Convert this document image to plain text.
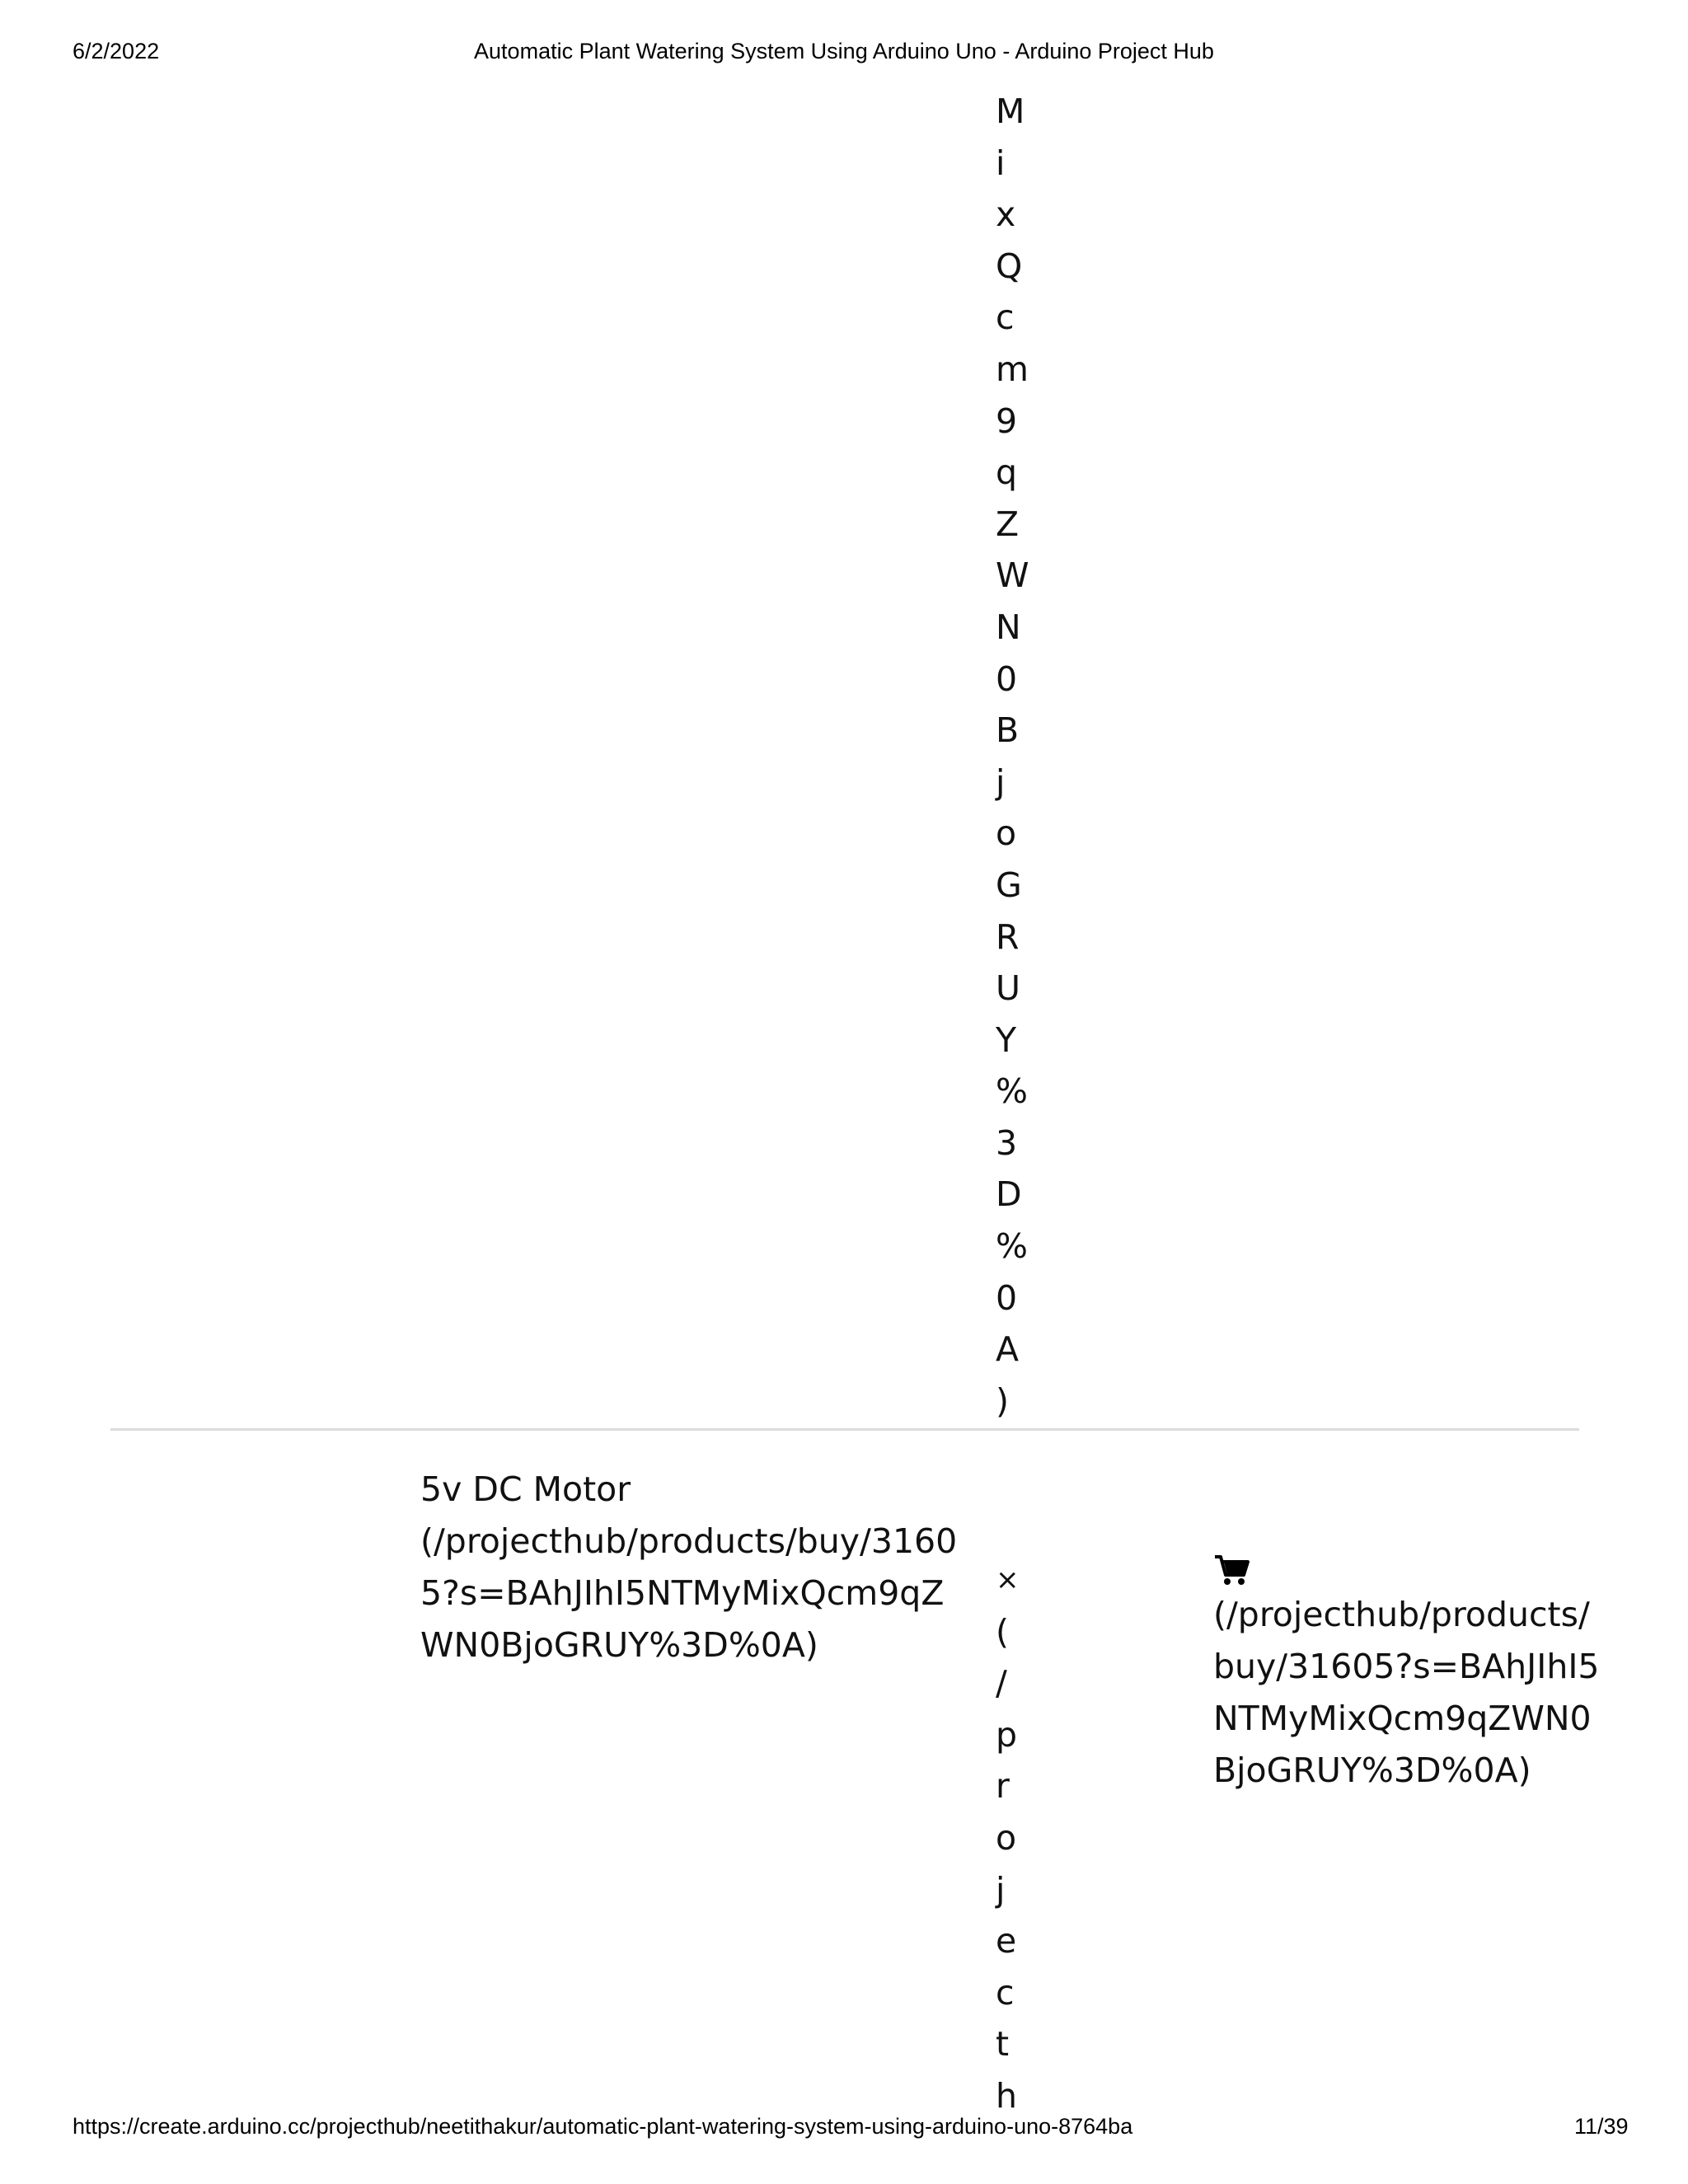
6/2/2022	Automatic Plant Watering System Using Arduino Uno - Arduino Project Hub
M
i
x
Q
c
m
9
q
Z
W
N
0
B
j
o
G
R
U
Y
%
3
D
%
0
A
)
5v DC Motor
(/projecthub/products/buy/31605?s=BAhJIhI5NTMyMixQcm9qZWN0BjoGRUY%3D%0A)
×
(
/
p
r
o
j
e
c
t
h
(/projecthub/products/buy/31605?s=BAhJIhI5NTMyMixQcm9qZWN0BjoGRUY%3D%0A)
https://create.arduino.cc/projecthub/neetithakur/automatic-plant-watering-system-using-arduino-uno-8764ba	11/39
